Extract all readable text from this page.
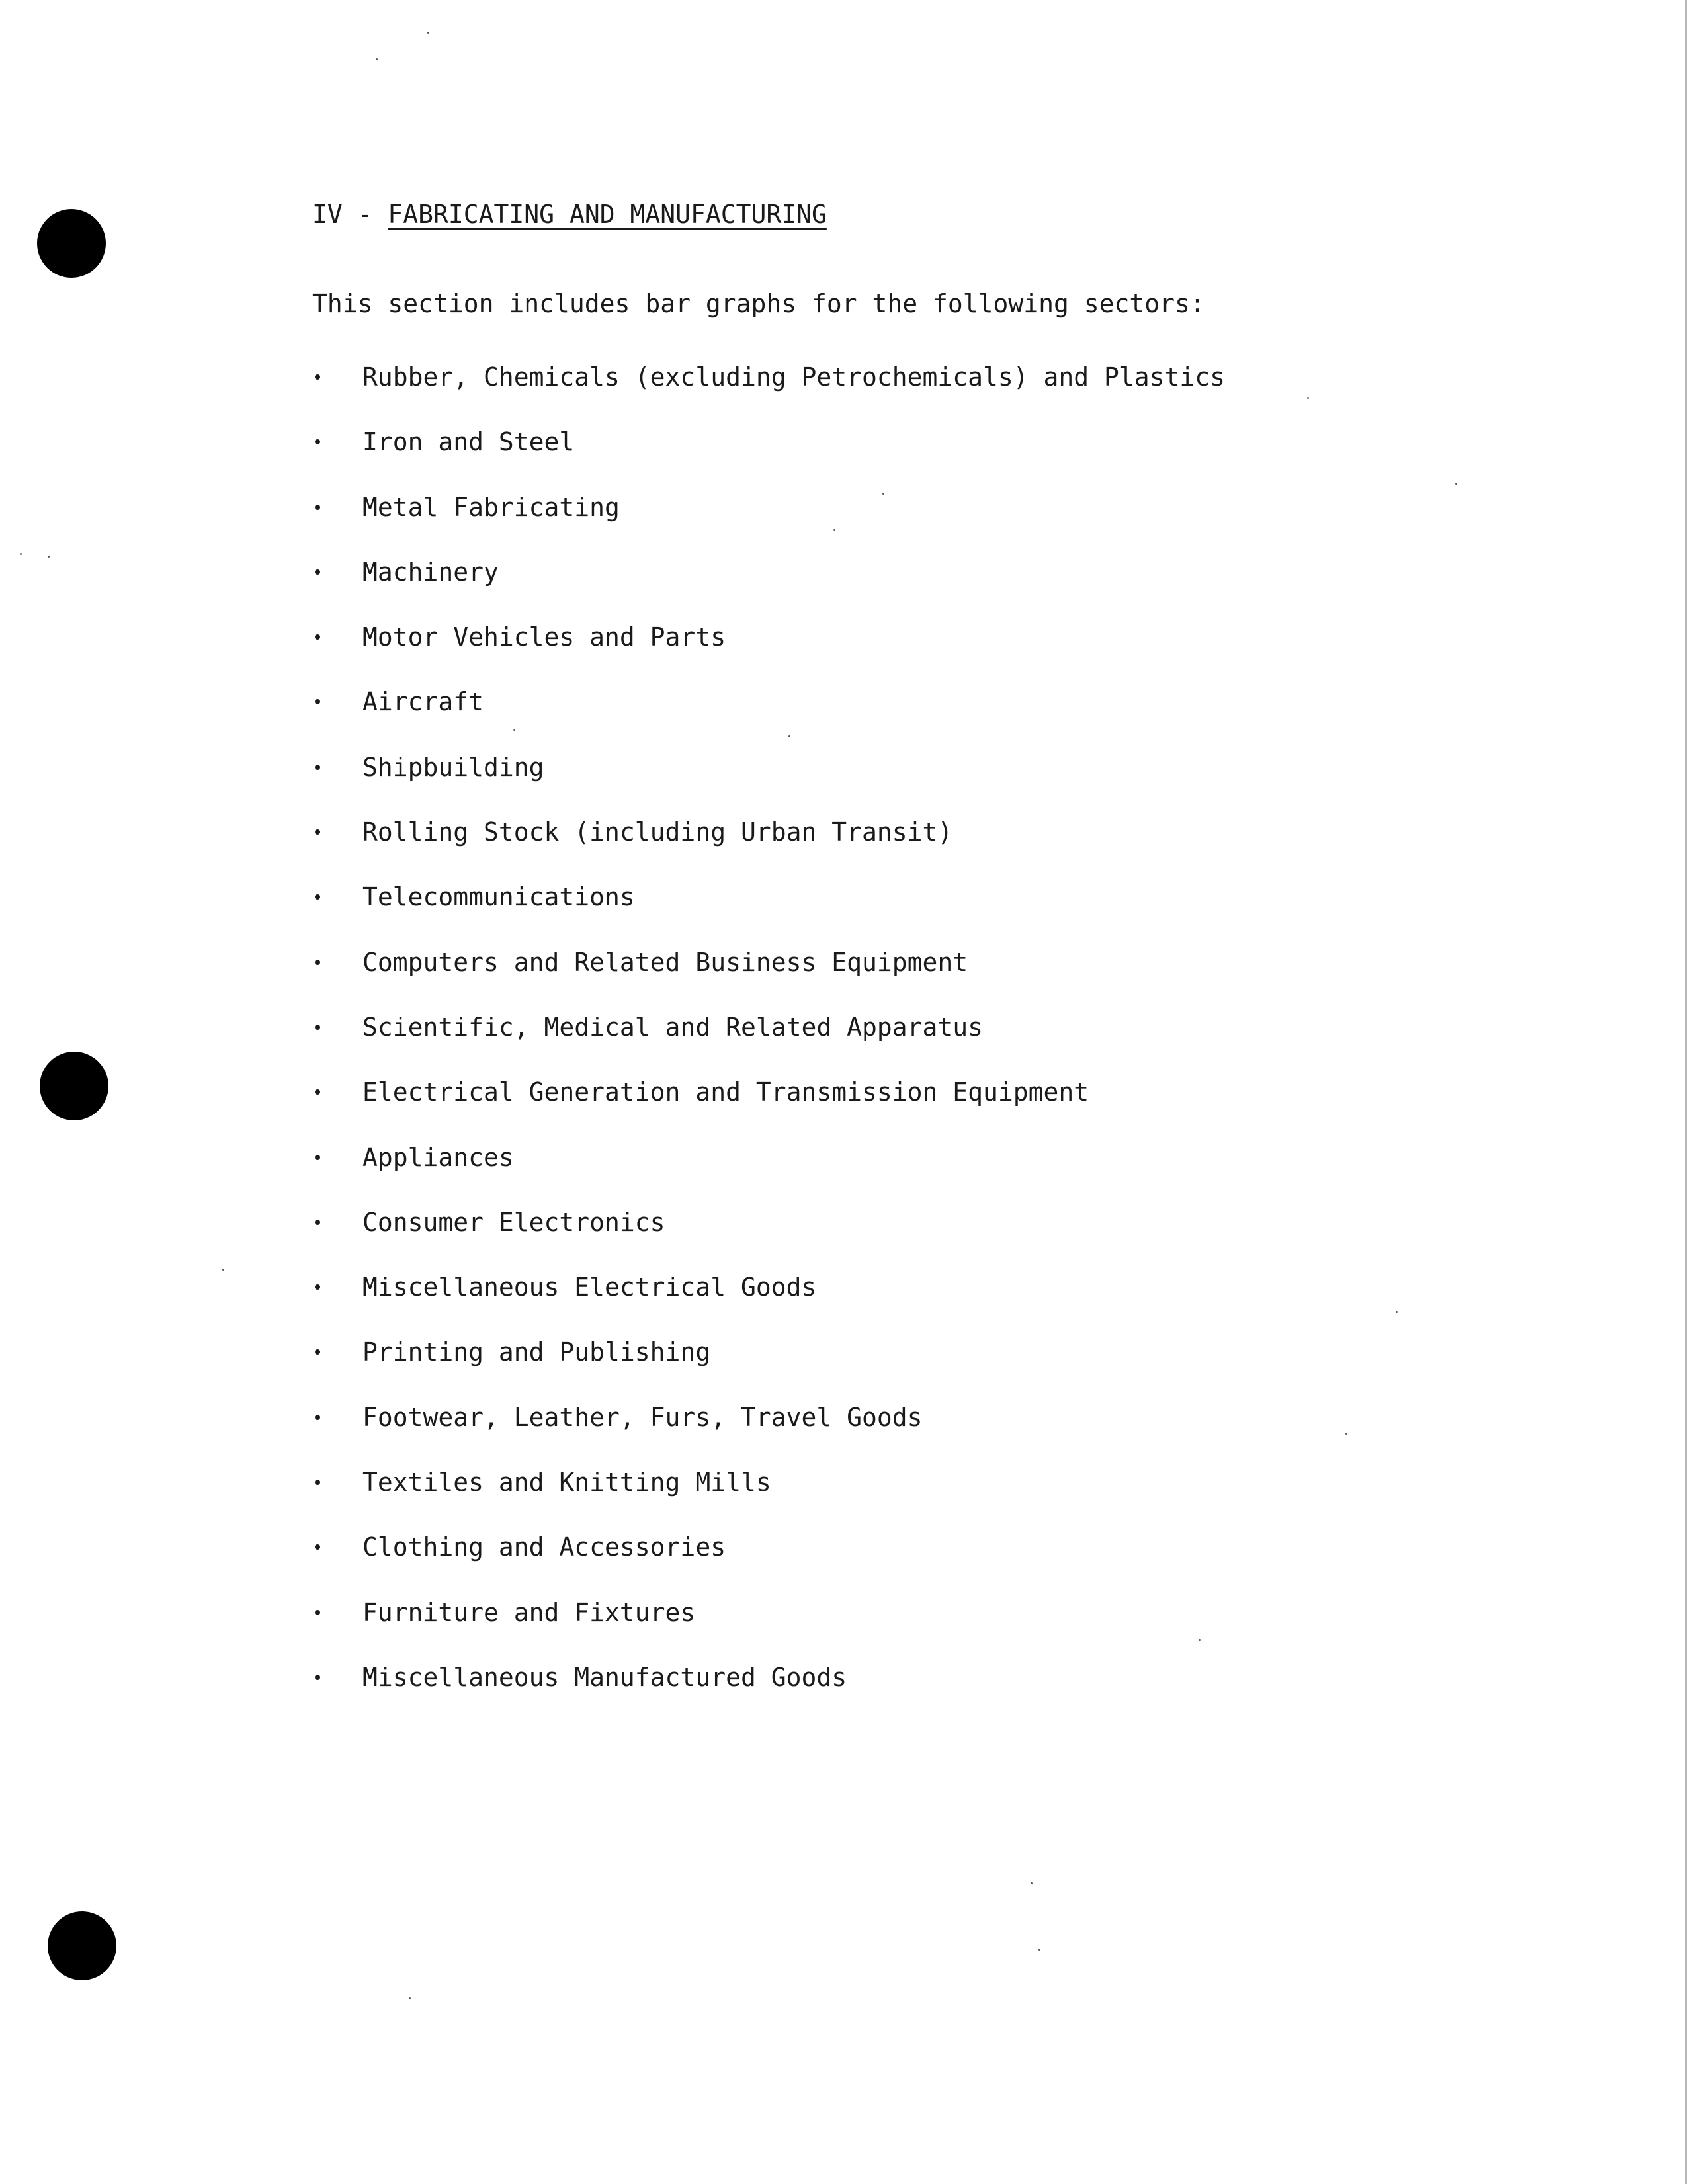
IV - FABRICATING AND MANUFACTURING
This section includes bar graphs for the following sectors:
Rubber, Chemicals (excluding Petrochemicals) and Plastics
Iron and Steel
Metal Fabricating
Machinery
Motor Vehicles and Parts
Aircraft
Shipbuilding
Rolling Stock (including Urban Transit)
Telecommunications
Computers and Related Business Equipment
Scientific, Medical and Related Apparatus
Electrical Generation and Transmission Equipment
Appliances
Consumer Electronics
Miscellaneous Electrical Goods
Printing and Publishing
Footwear, Leather, Furs, Travel Goods
Textiles and Knitting Mills
Clothing and Accessories
Furniture and Fixtures
Miscellaneous Manufactured Goods
